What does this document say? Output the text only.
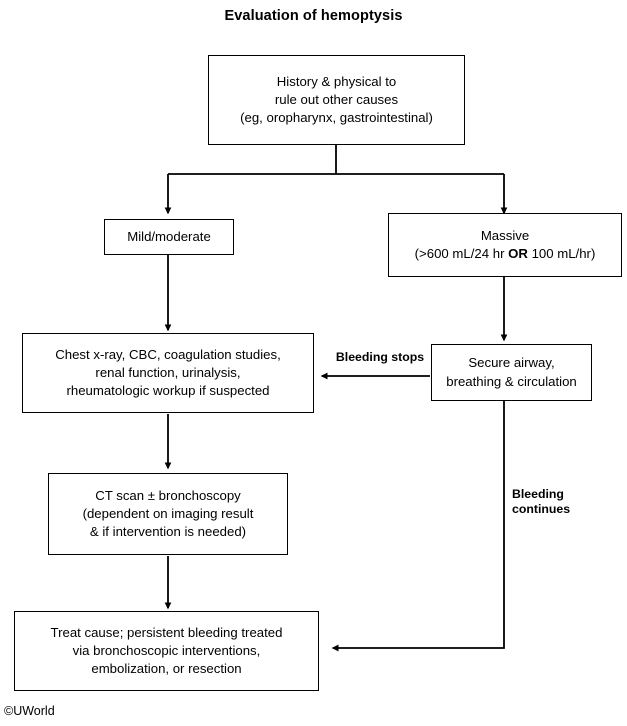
Evaluation of hemoptysis
History & physical to
rule out other causes
(eg, oropharynx, gastrointestinal)
Mild/moderate	Massive
(>600 mL/24 hr OR 100 mL/hr)
Chest x-ray, CBC, coagulation studies,
renal function, urinalysis,
rheumatologic workup if suspected
Secure airway,
breathing & circulation
CT scan ± bronchoscopy
(dependent on imaging result
& if intervention is needed)
Treat cause; persistent bleeding treated
via bronchoscopic interventions,
embolization, or resection
Bleeding stops
Bleeding continues
©UWorld
